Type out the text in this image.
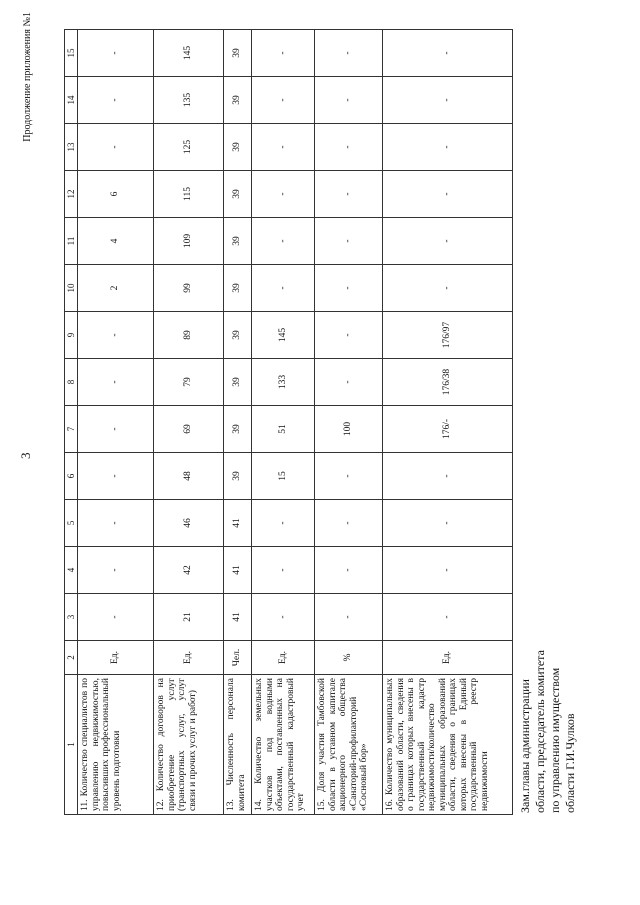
3
Продолжение приложения №1
1	2	3	4	5	6	7	8	9	10	11	12	13	14	15
11. Количество специалистов по управлению недвижимостью, повысивших профессиональный уровень подготовки	Ед.	-	-	-	-	-	-	-	2	4	6	-	-	-
12. Количество договоров на приобретение услуг (транспортных услуг, услуг связи и прочих услуг и работ)	Ед.	21	42	46	48	69	79	89	99	109	115	125	135	145
13. Численность персонала комитета	Чел.	41	41	41	39	39	39	39	39	39	39	39	39	39
14. Количество земельных участков под водными объектами, поставленных на государственный кадастровый учет	Ед.	-	-	-	15	51	133	145	-	-	-	-	-	-
15. Доля участия Тамбовской области в уставном капитале акционерного общества «Санаторий-профилакторий «Сосновый бор»	%	-	-	-	-	100	-	-	-	-	-	-	-	-
16. Количество муниципальных образований области, сведения о границах которых внесены в государственный кадастр недвижимости/количество муниципальных образований области, сведения о границах которых внесены в Единый государственный реестр недвижимости	Ед.	-	-	-	-	176/-	176/38	176/97	-	-	-	-	-	-
Зам.главы администрации области, председатель комитета по управлению имуществом области Г.И.Чулков
